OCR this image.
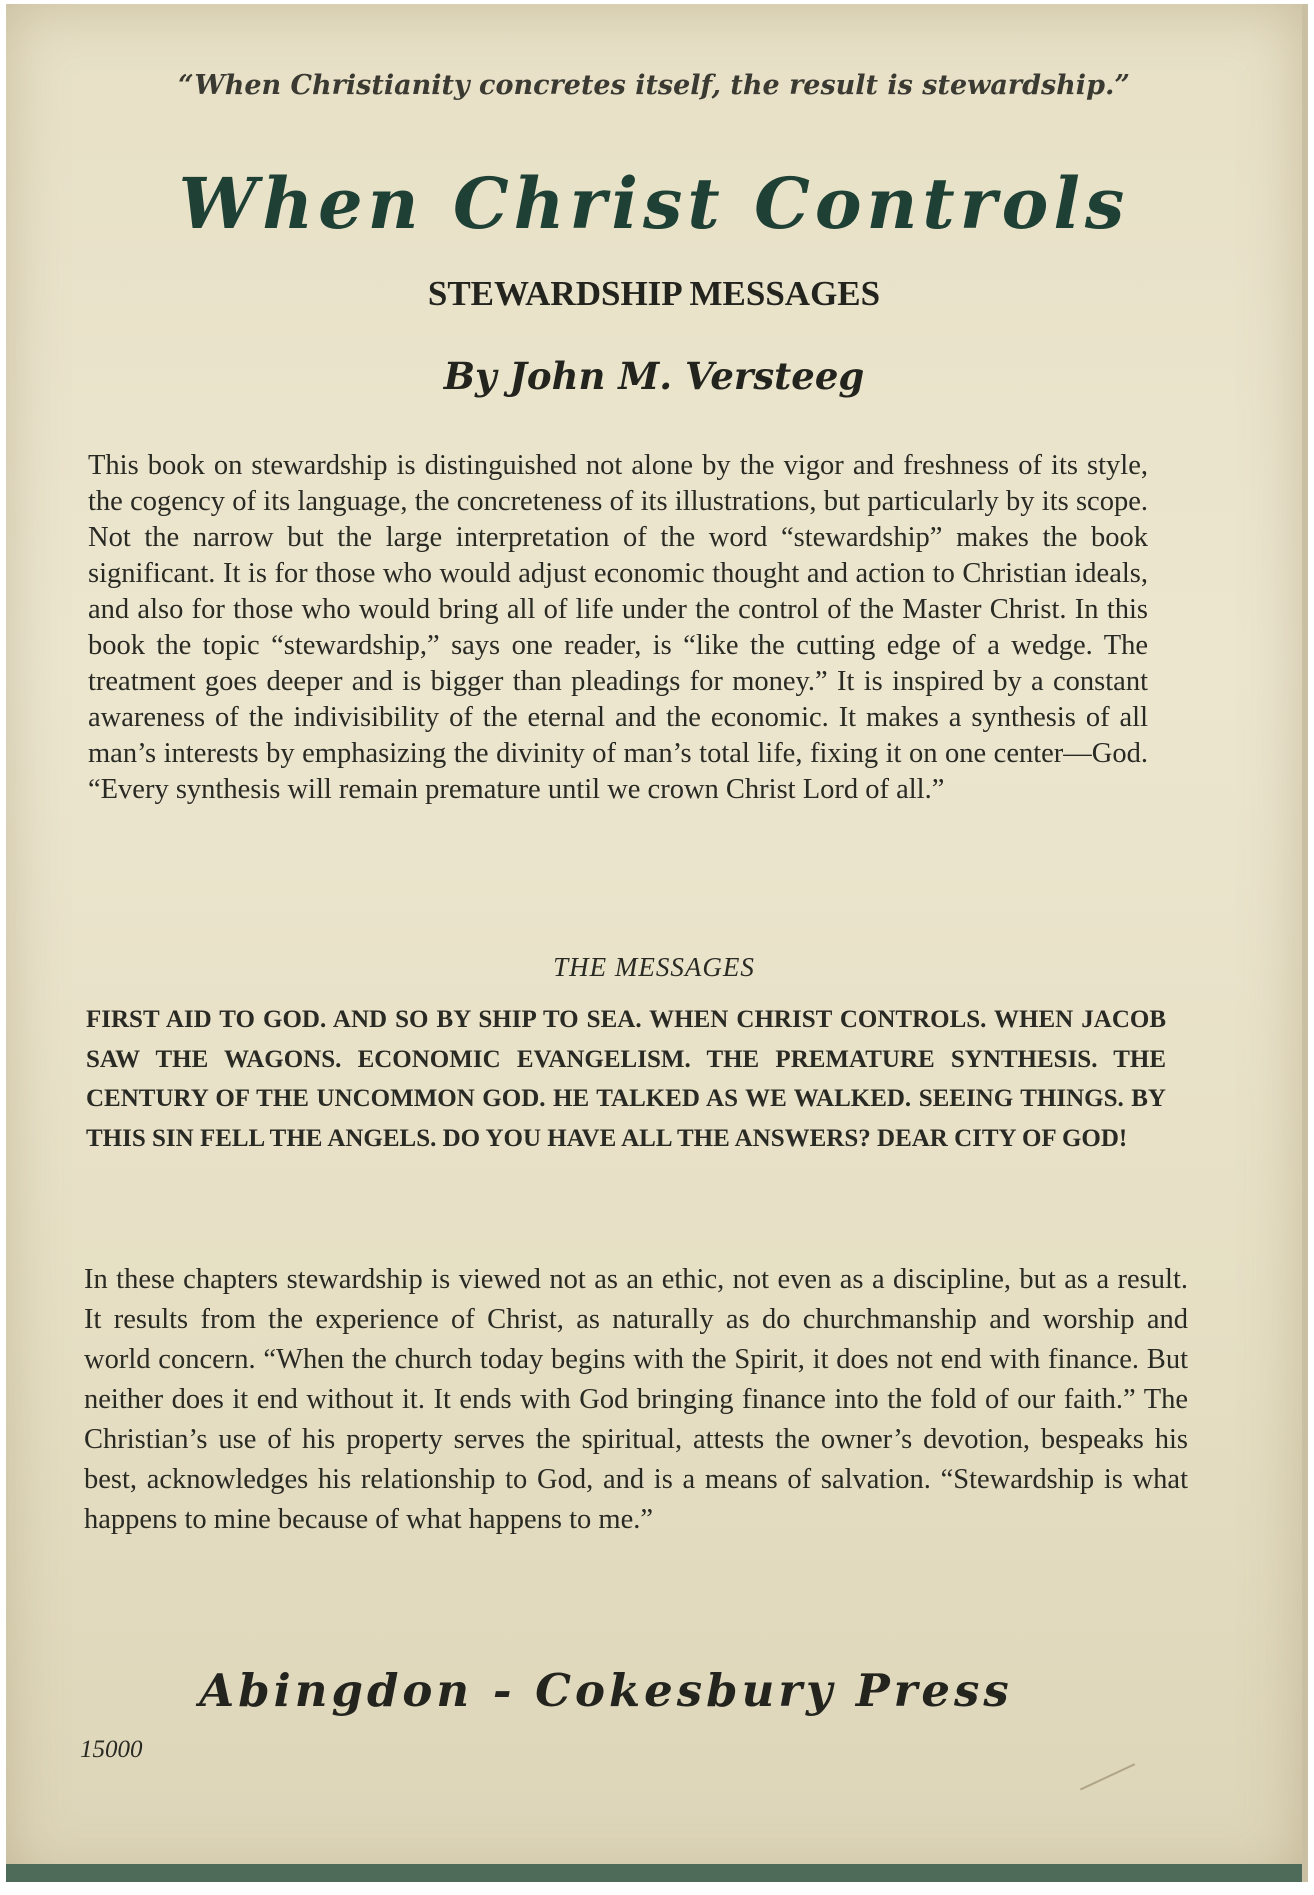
“When Christianity concretes itself, the result is stewardship.”
When Christ Controls
STEWARDSHIP MESSAGES
By John M. Versteeg

This book on stewardship is distinguished not alone by the vigor and freshness of its style, the cogency of its language, the concreteness of its illustrations, but particularly by its scope. Not the narrow but the large interpretation of the word “stewardship” makes the book significant. It is for those who would adjust economic thought and action to Christian ideals, and also for those who would bring all of life under the control of the Master Christ. In this book the topic “stewardship,” says one reader, is “like the cutting edge of a wedge. The treatment goes deeper and is bigger than pleadings for money.” It is inspired by a constant awareness of the indivisibility of the eternal and the economic. It makes a synthesis of all man’s interests by emphasizing the divinity of man’s total life, fixing it on one center—God. “Every synthesis will remain premature until we crown Christ Lord of all.”

THE MESSAGES

FIRST AID TO GOD. AND SO BY SHIP TO SEA. WHEN CHRIST CONTROLS. WHEN JACOB SAW THE WAGONS. ECONOMIC EVANGELISM. THE PREMATURE SYNTHESIS. THE CENTURY OF THE UNCOMMON GOD. HE TALKED AS WE WALKED. SEEING THINGS. BY THIS SIN FELL THE ANGELS. DO YOU HAVE ALL THE ANSWERS? DEAR CITY OF GOD!

In these chapters stewardship is viewed not as an ethic, not even as a discipline, but as a result. It results from the experience of Christ, as naturally as do churchmanship and worship and world concern. “When the church today begins with the Spirit, it does not end with finance. But neither does it end without it. It ends with God bringing finance into the fold of our faith.” The Christian’s use of his property serves the spiritual, attests the owner’s devotion, bespeaks his best, acknowledges his relationship to God, and is a means of salvation. “Stewardship is what happens to mine because of what happens to me.”

Abingdon - Cokesbury Press
15000
